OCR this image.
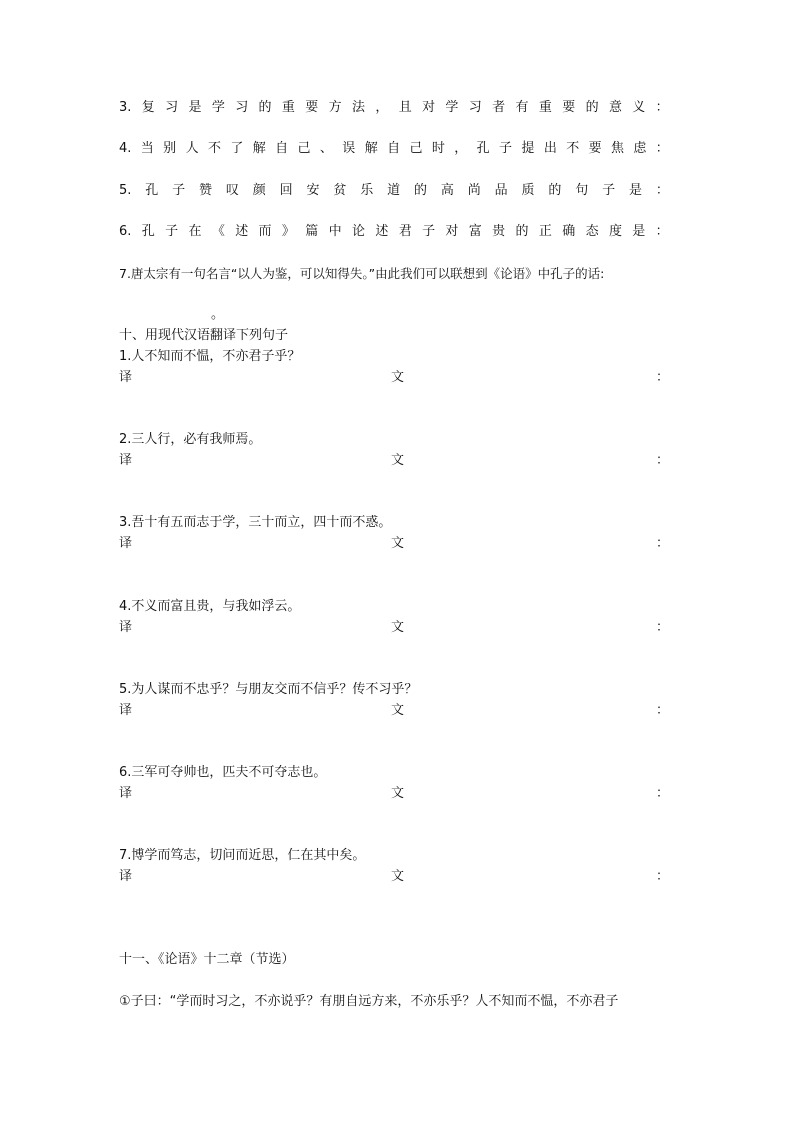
3. 复 习 是 学 习 的 重 要 方 法 ， 且 对 学 习 者 有 重 要 的 意 义 ：
4. 当 别 人 不 了 解 自 己 、 误 解 自 己 时 ， 孔 子 提 出 不 要 焦 虑 ：
5. 孔 子 赞 叹 颜 回 安 贫 乐 道 的 高 尚 品 质 的 句 子 是 ：
6. 孔 子 在 《 述 而 》 篇 中 论 述 君 子 对 富 贵 的 正 确 态 度 是 ：
7.唐太宗有一句名言“以人为鉴，可以知得失。”由此我们可以联想到《论语》中孔子的话:
。
十、用现代汉语翻译下列句子
1.人不知而不愠，不亦君子乎？
译	文	：
2.三人行，必有我师焉。
译	文	：
3.吾十有五而志于学，三十而立，四十而不惑。
译	文	：
4.不义而富且贵，与我如浮云。
译	文	：
5.为人谋而不忠乎？与朋友交而不信乎？传不习乎？
译	文	：
6.三军可夺帅也，匹夫不可夺志也。
译	文	：
7.博学而笃志，切问而近思，仁在其中矣。
译	文	：
十一、《论语》十二章（节选）
①子曰：“学而时习之，不亦说乎？有朋自远方来，不亦乐乎？人不知而不愠，不亦君子
